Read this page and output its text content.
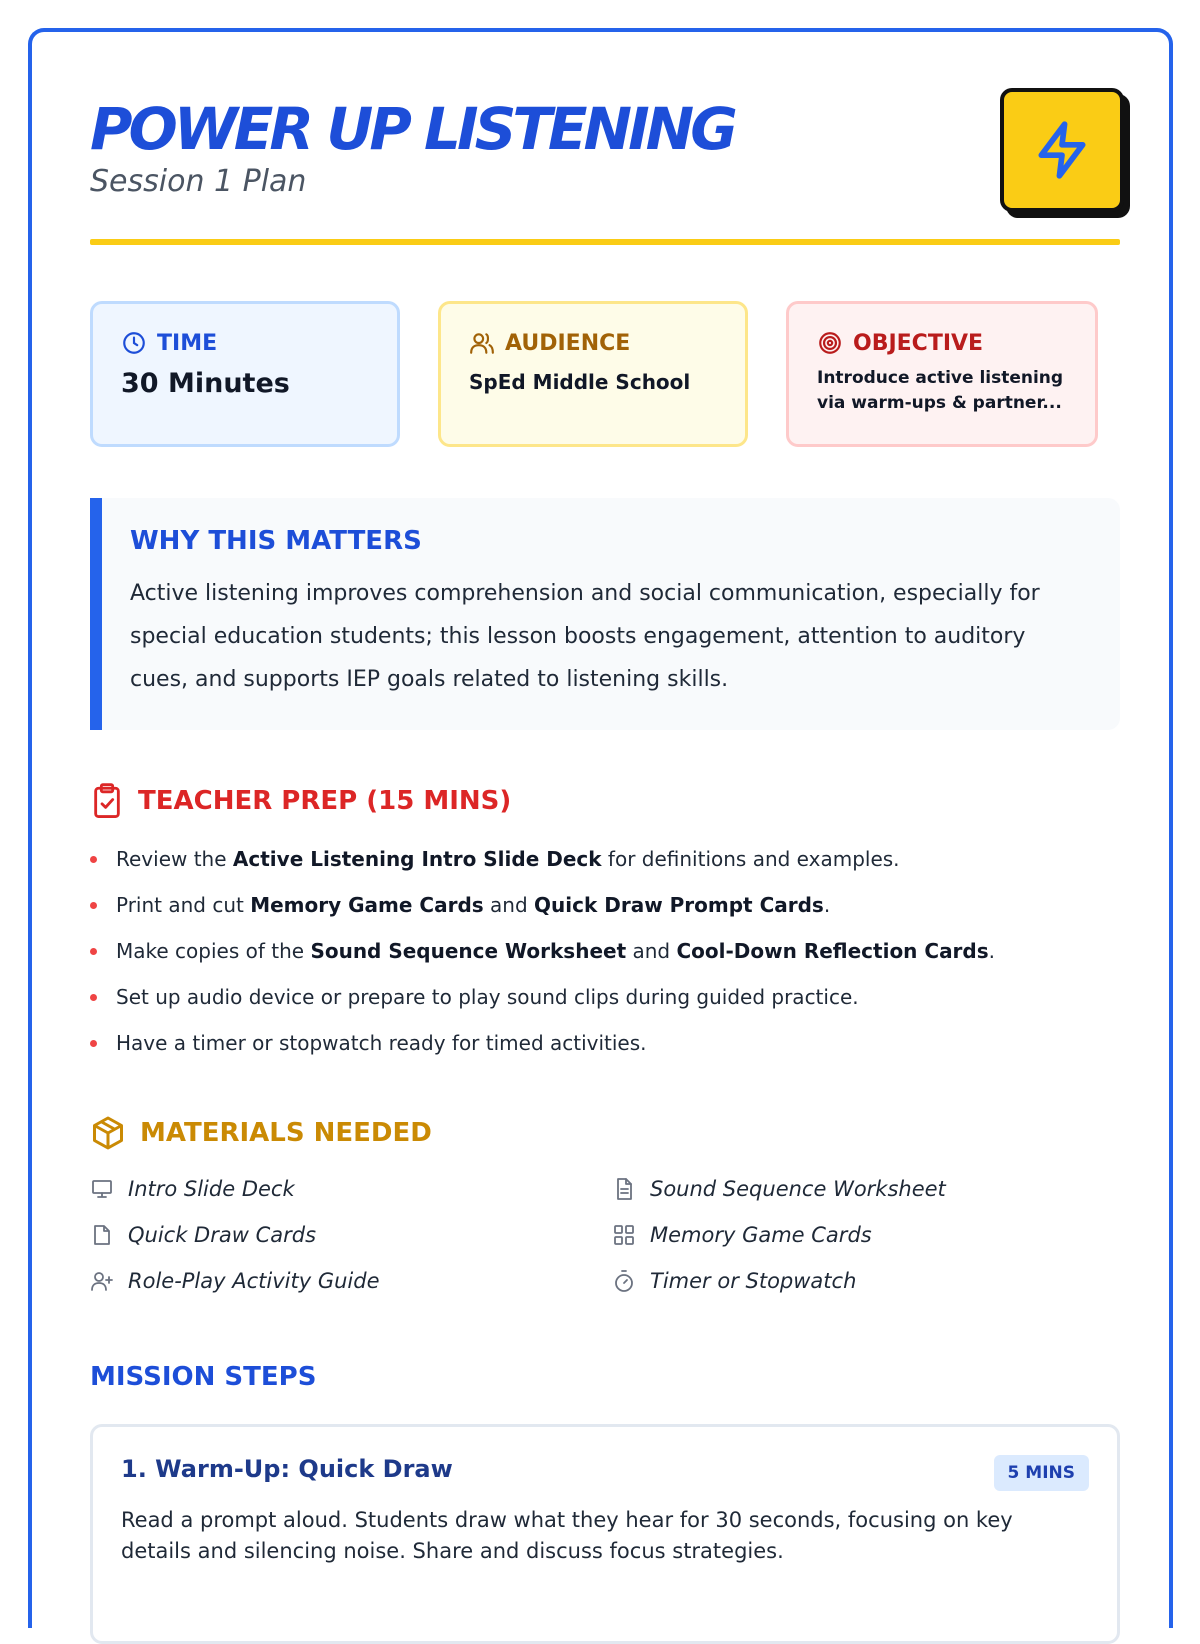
POWER UP LISTENING
Session 1 Plan
TIME
30 Minutes
AUDIENCE
SpEd Middle School
OBJECTIVE
Introduce active listening via warm-ups & partner...
WHY THIS MATTERS

Active listening improves comprehension and social communication, especially for special education students; this lesson boosts engagement, attention to auditory cues, and supports IEP goals related to listening skills.

TEACHER PREP (15 MINS)
Review the Active Listening Intro Slide Deck for definitions and examples.
Print and cut Memory Game Cards and Quick Draw Prompt Cards.
Make copies of the Sound Sequence Worksheet and Cool-Down Reflection Cards.
Set up audio device or prepare to play sound clips during guided practice.
Have a timer or stopwatch ready for timed activities.
MATERIALS NEEDED
Intro Slide Deck	Sound Sequence Worksheet
Quick Draw Cards	Memory Game Cards
Role-Play Activity Guide	Timer or Stopwatch
MISSION STEPS
1. Warm-Up: Quick Draw	5 MINS
Read a prompt aloud. Students draw what they hear for 30 seconds, focusing on key details and silencing noise. Share and discuss focus strategies.
